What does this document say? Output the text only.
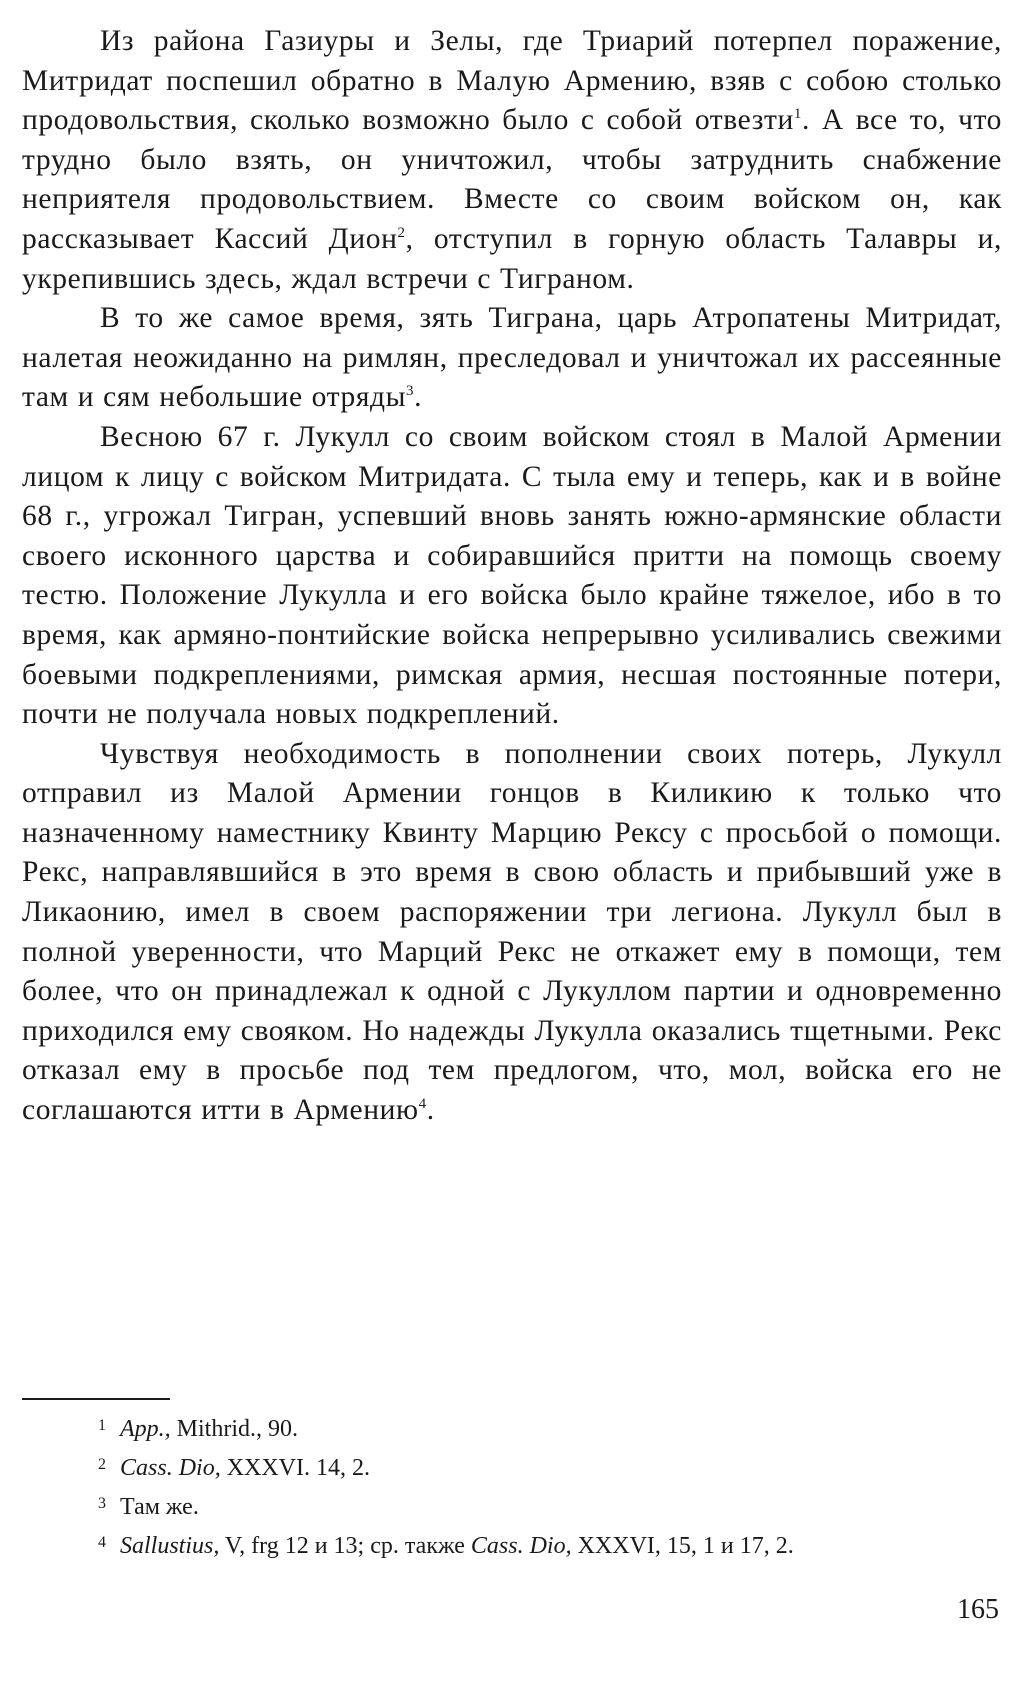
Из района Газиуры и Зелы, где Триарий потерпел поражение, Митридат поспешил обратно в Малую Армению, взяв с собою столько продовольствия, сколько возможно было с собой отвезти$^1$. А все то, что трудно было взять, он уничтожил, чтобы затруднить снабжение неприятеля продовольствием. Вместе со своим войском он, как рассказывает Кассий Дион$^2$, отступил в горную область Талавры и, укрепившись здесь, ждал встречи с Тиграном.

В то же самое время, зять Тиграна, царь Атропатены Митридат, налетая неожиданно на римлян, преследовал и уничтожал их рассеянные там и сям небольшие отряды$^3$.

Весною 67 г. Лукулл со своим войском стоял в Малой Армении лицом к лицу с войском Митридата. С тыла ему и теперь, как и в войне 68 г., угрожал Тигран, успевший вновь занять южно-армянские области своего исконного царства и собиравшийся притти на помощь своему тестю. Положение Лукулла и его войска было крайне тяжелое, ибо в то время, как армяно-понтийские войска непрерывно усиливались свежими боевыми подкреплениями, римская армия, несшая постоянные потери, почти не получала новых подкреплений.

Чувствуя необходимость в пополнении своих потерь, Лукулл отправил из Малой Армении гонцов в Киликию к только что назначенному наместнику Квинту Марцию Рексу с просьбой о помощи. Рекс, направлявшийся в это время в свою область и прибывший уже в Ликаонию, имел в своем распоряжении три легиона. Лукулл был в полной уверенности, что Марций Рекс не откажет ему в помощи, тем более, что он принадлежал к одной с Лукуллом партии и одновременно приходился ему свояком. Но надежды Лукулла оказались тщетными. Рекс отказал ему в просьбе под тем предлогом, что, мол, войска его не соглашаются итти в Армению$^4$.

1 App., Mithrid., 90.
2 Cass. Dio, XXXVI. 14, 2.
3 Там же.
4 Sallustius, V, frg 12 и 13; ср. также Cass. Dio, XXXVI, 15, 1 и 17, 2.
165
